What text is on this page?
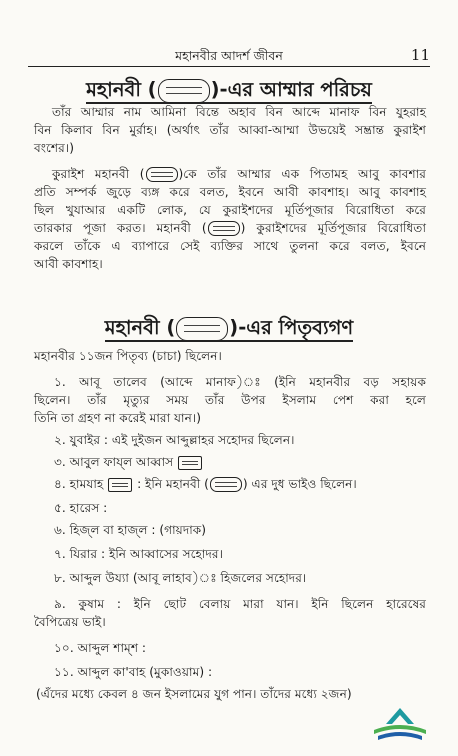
মহানবীর আদর্শ জীবন	11
মহানবী (	)-এর আম্মার পরিচয়
তাঁর আম্মার নাম আমিনা বিন্তে অহাব বিন আব্দে মানাফ বিন যুহরাহ
বিন কিলাব বিন মুর্রাহ। (অর্থাৎ তাঁর আব্বা-আম্মা উভয়েই সম্ভ্রান্ত কুরাইশ
বংশের।)
কুরাইশ মহানবী (	)কে তাঁর আম্মার এক পিতামহ আবু কাবশার
প্রতি সম্পর্ক জুড়ে ব্যঙ্গ করে বলত, ইবনে আবী কাবশাহ। আবু কাবশাহ
ছিল খুযাআর একটি লোক, যে কুরাইশদের মূর্তিপূজার বিরোধিতা করে
তারকার পূজা করত। মহানবী (	) কুরাইশদের মূর্তিপূজার বিরোধিতা
করলে তাঁকে এ ব্যাপারে সেই ব্যক্তির সাথে তুলনা করে বলত, ইবনে
আবী কাবশাহ।
মহানবী (	)-এর পিতৃব্যগণ
মহানবীর ১১জন পিতৃব্য (চাচা) ছিলেন।
১. আবূ তালেব (আব্দে মানাফ)ঃ (ইনি মহানবীর বড় সহায়ক
ছিলেন। তাঁর মৃত্যুর সময় তাঁর উপর ইসলাম পেশ করা হলে
তিনি তা গ্রহণ না করেই মারা যান।)
২. যুবাইর : এই দুইজন আব্দুল্লাহর সহোদর ছিলেন।
৩. আবুল ফায্ল আব্বাস
৪. হামযাহ	: ইনি মহানবী (	) এর দুধ ভাইও ছিলেন।
৫. হারেস :
৬. হিজ্ল বা হাজ্ল : (গায়দাক)
৭. যিরার : ইনি আব্বাসের সহোদর।
৮. আব্দুল উয্যা (আবূ লাহাব)ঃ হিজলের সহোদর।
৯. কুষাম : ইনি ছোট বেলায় মারা যান। ইনি ছিলেন হারেষের
বৈপিত্রেয় ভাই।
১০. আব্দুল শাম্‌শ :
১১. আব্দুল কা'বাহ (মুকাওয়াম) :
(এঁদের মধ্যে কেবল ৪ জন ইসলামের যুগ পান। তাঁদের মধ্যে ২জন)
